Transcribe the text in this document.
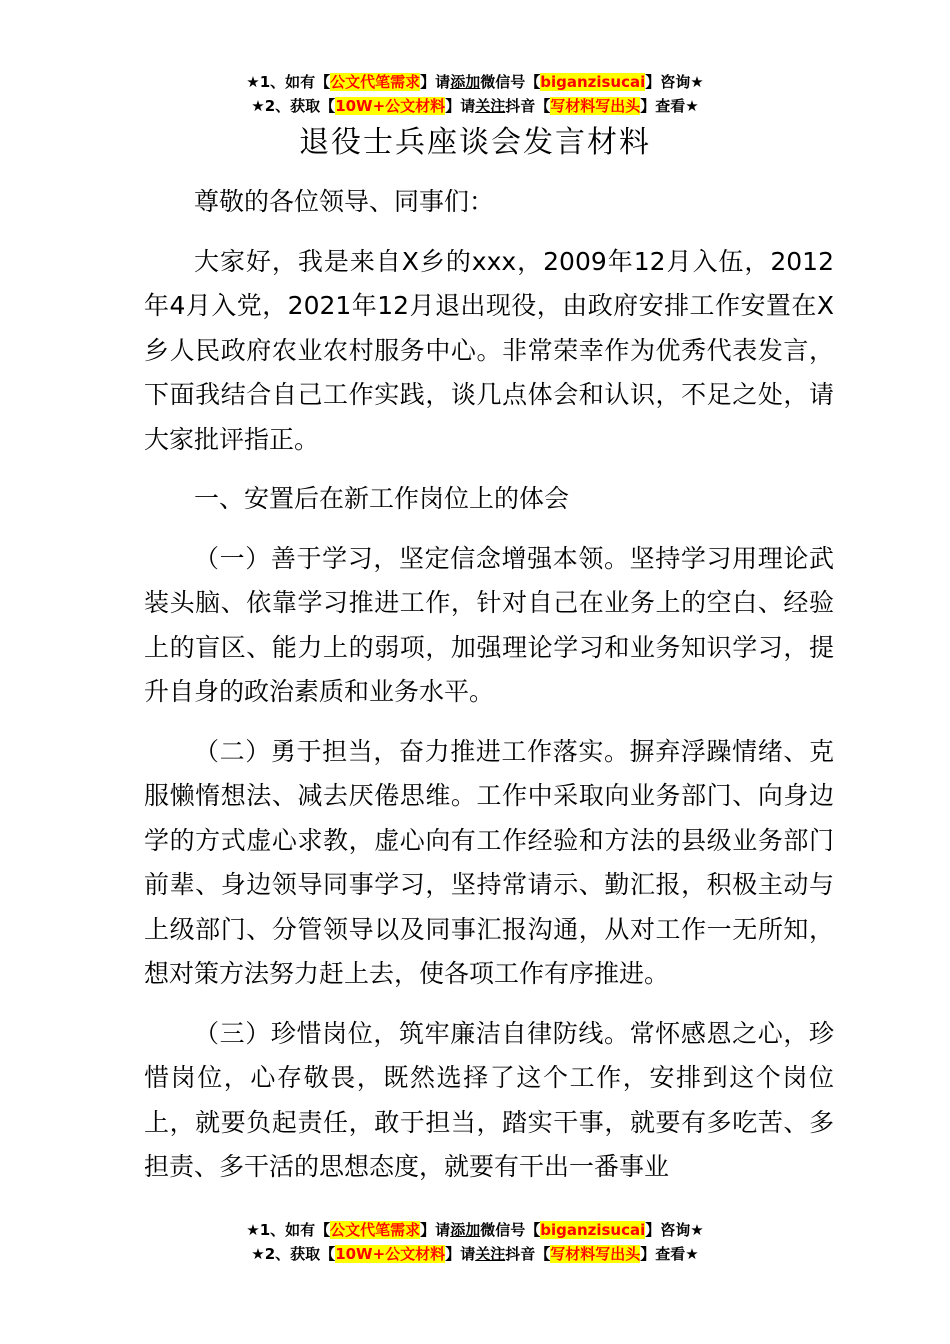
★1、如有【公文代笔需求】请添加微信号【biganzisucai】咨询★
★2、获取【10W+公文材料】请关注抖音【写材料写出头】查看★
退役士兵座谈会发言材料

尊敬的各位领导、同事们：

大家好，我是来自X乡的xxx，2009年12月入伍，2012年4月入党，2021年12月退出现役，由政府安排工作安置在X乡人民政府农业农村服务中心。非常荣幸作为优秀代表发言，下面我结合自己工作实践，谈几点体会和认识，不足之处，请大家批评指正。

一、安置后在新工作岗位上的体会

（一）善于学习，坚定信念增强本领。坚持学习用理论武装头脑、依靠学习推进工作，针对自己在业务上的空白、经验上的盲区、能力上的弱项，加强理论学习和业务知识学习，提升自身的政治素质和业务水平。

（二）勇于担当，奋力推进工作落实。摒弃浮躁情绪、克服懒惰想法、减去厌倦思维。工作中采取向业务部门、向身边学的方式虚心求教，虚心向有工作经验和方法的县级业务部门前辈、身边领导同事学习，坚持常请示、勤汇报，积极主动与上级部门、分管领导以及同事汇报沟通，从对工作一无所知，想对策方法努力赶上去，使各项工作有序推进。

（三）珍惜岗位，筑牢廉洁自律防线。常怀感恩之心，珍惜岗位，心存敬畏，既然选择了这个工作，安排到这个岗位上，就要负起责任，敢于担当，踏实干事，就要有多吃苦、多担责、多干活的思想态度，就要有干出一番事业

★1、如有【公文代笔需求】请添加微信号【biganzisucai】咨询★
★2、获取【10W+公文材料】请关注抖音【写材料写出头】查看★
